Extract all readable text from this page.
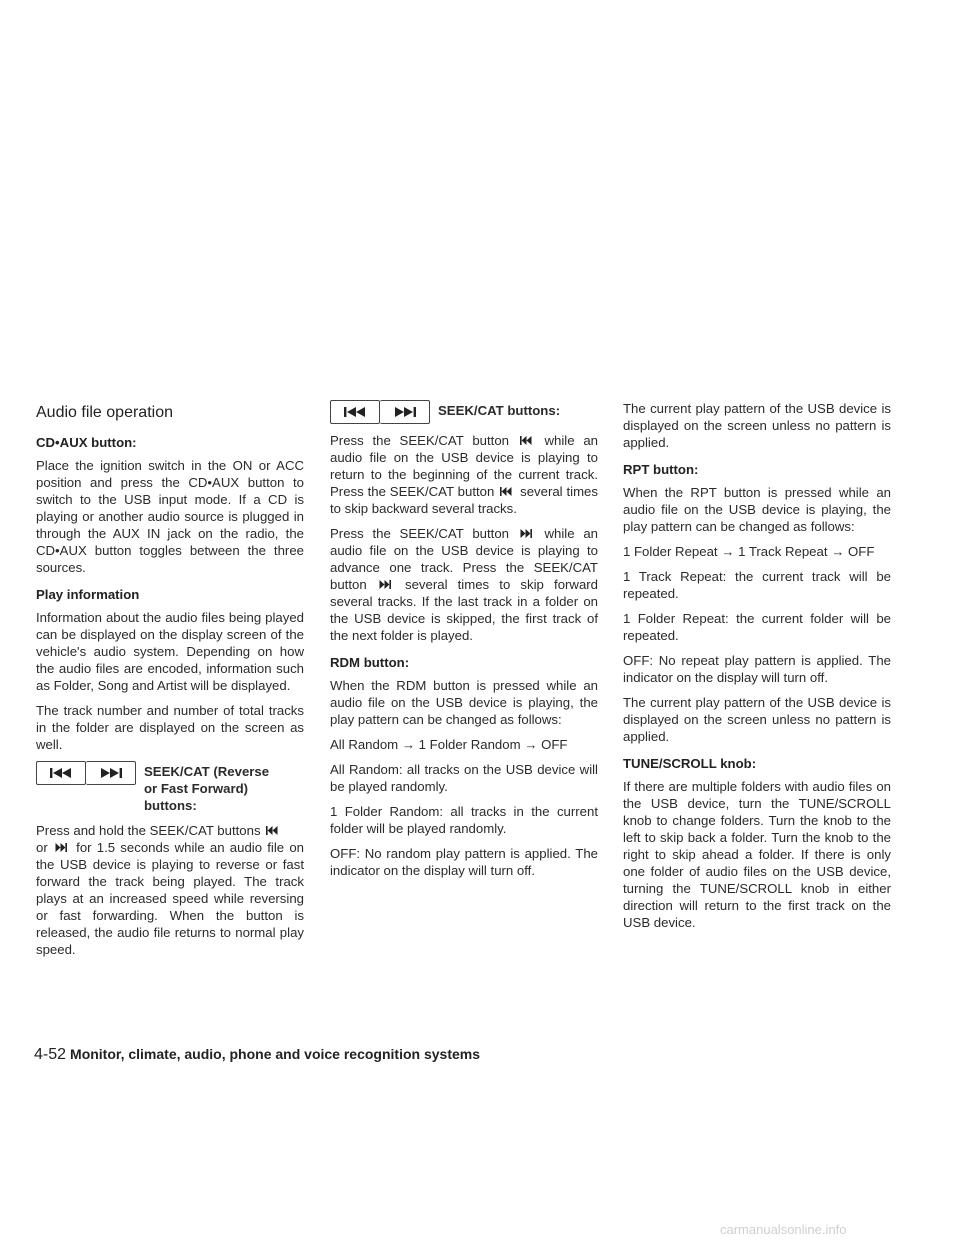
Audio file operation
CD•AUX button:

Place the ignition switch in the ON or ACC position and press the CD•AUX button to switch to the USB input mode. If a CD is playing or another audio source is plugged in through the AUX IN jack on the radio, the CD•AUX button toggles between the three sources.

Play information

Information about the audio files being played can be displayed on the display screen of the vehicle's audio system. Depending on how the audio files are encoded, information such as Folder, Song and Artist will be displayed.

The track number and number of total tracks in the folder are displayed on the screen as well.

SEEK/CAT (Reverse or Fast Forward) buttons:

Press and hold the SEEK/CAT buttons
or for 1.5 seconds while an audio file on the USB device is playing to reverse or fast forward the track being played. The track plays at an increased speed while reversing or fast forwarding. When the button is released, the audio file returns to normal play speed.

SEEK/CAT buttons:

Press the SEEK/CAT button	while an audio file on the USB device is playing to return to the beginning of the current track. Press the SEEK/CAT button several times to skip backward several tracks.

Press the SEEK/CAT button	while an audio file on the USB device is playing to advance one track. Press the SEEK/CAT button	several times to skip forward several tracks. If the last track in a folder on the USB device is skipped, the first track of the next folder is played.

RDM button:

When the RDM button is pressed while an audio file on the USB device is playing, the play pattern can be changed as follows:

All Random → 1 Folder Random → OFF

All Random: all tracks on the USB device will be played randomly.

1 Folder Random: all tracks in the current folder will be played randomly.

OFF: No random play pattern is applied. The indicator on the display will turn off.

The current play pattern of the USB device is displayed on the screen unless no pattern is applied.

RPT button:

When the RPT button is pressed while an audio file on the USB device is playing, the play pattern can be changed as follows:

1 Folder Repeat → 1 Track Repeat → OFF

1 Track Repeat: the current track will be repeated.

1 Folder Repeat: the current folder will be repeated.

OFF: No repeat play pattern is applied. The indicator on the display will turn off.

The current play pattern of the USB device is displayed on the screen unless no pattern is applied.

TUNE/SCROLL knob:

If there are multiple folders with audio files on the USB device, turn the TUNE/SCROLL knob to change folders. Turn the knob to the left to skip back a folder. Turn the knob to the right to skip ahead a folder. If there is only one folder of audio files on the USB device, turning the TUNE/SCROLL knob in either direction will return to the first track on the USB device.

4-52 Monitor, climate, audio, phone and voice recognition systems
carmanualsonline.info
